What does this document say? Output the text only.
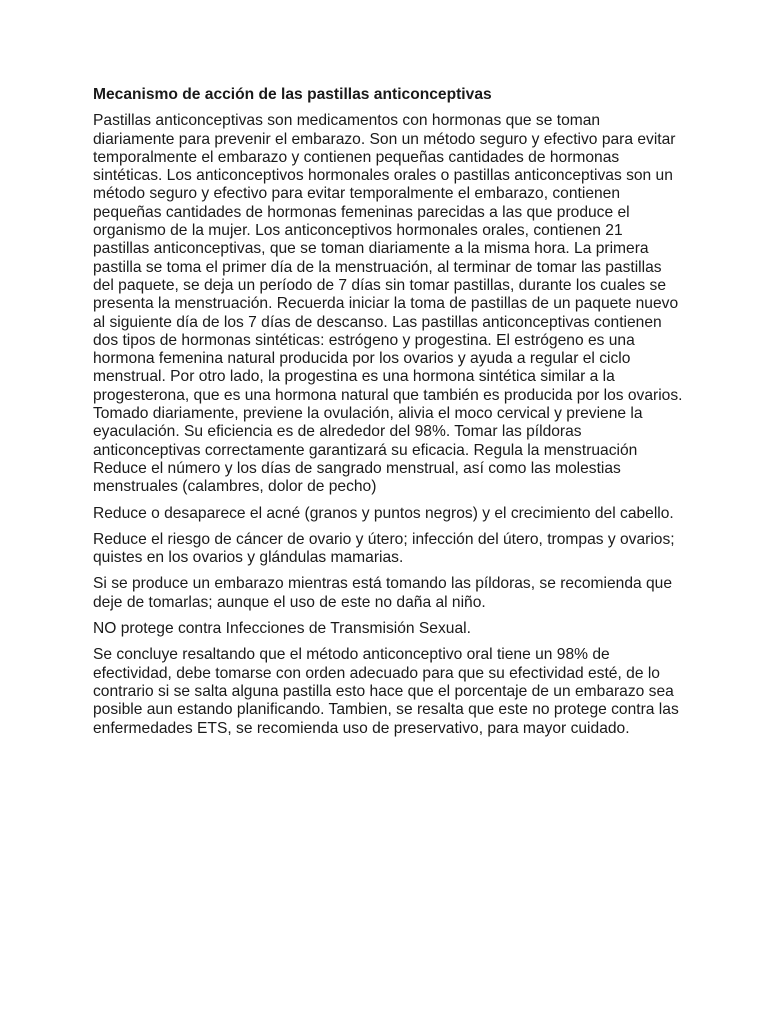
Mecanismo de acción de las pastillas anticonceptivas

Pastillas anticonceptivas son medicamentos con hormonas que se toman diariamente para prevenir el embarazo. Son un método seguro y efectivo para evitar temporalmente el embarazo y contienen pequeñas cantidades de hormonas sintéticas. Los anticonceptivos hormonales orales o pastillas anticonceptivas son un método seguro y efectivo para evitar temporalmente el embarazo, contienen pequeñas cantidades de hormonas femeninas parecidas a las que produce el organismo de la mujer. Los anticonceptivos hormonales orales, contienen 21 pastillas anticonceptivas, que se toman diariamente a la misma hora. La primera pastilla se toma el primer día de la menstruación, al terminar de tomar las pastillas del paquete, se deja un período de 7 días sin tomar pastillas, durante los cuales se presenta la menstruación. Recuerda iniciar la toma de pastillas de un paquete nuevo al siguiente día de los 7 días de descanso. Las pastillas anticonceptivas contienen dos tipos de hormonas sintéticas: estrógeno y progestina. El estrógeno es una hormona femenina natural producida por los ovarios y ayuda a regular el ciclo menstrual. Por otro lado, la progestina es una hormona sintética similar a la progesterona, que es una hormona natural que también es producida por los ovarios. Tomado diariamente, previene la ovulación, alivia el moco cervical y previene la eyaculación. Su eficiencia es de alrededor del 98%. Tomar las píldoras anticonceptivas correctamente garantizará su eficacia. Regula la menstruación Reduce el número y los días de sangrado menstrual, así como las molestias menstruales (calambres, dolor de pecho)

Reduce o desaparece el acné (granos y puntos negros) y el crecimiento del cabello.

Reduce el riesgo de cáncer de ovario y útero; infección del útero, trompas y ovarios; quistes en los ovarios y glándulas mamarias.

Si se produce un embarazo mientras está tomando las píldoras, se recomienda que deje de tomarlas; aunque el uso de este no daña al niño.

NO protege contra Infecciones de Transmisión Sexual.

Se concluye resaltando que el método anticonceptivo oral tiene un 98% de efectividad, debe tomarse con orden adecuado para que su efectividad esté, de lo contrario si se salta alguna pastilla esto hace que el porcentaje de un embarazo sea posible aun estando planificando. Tambien, se resalta que este no protege contra las enfermedades ETS, se recomienda uso de preservativo, para mayor cuidado.
